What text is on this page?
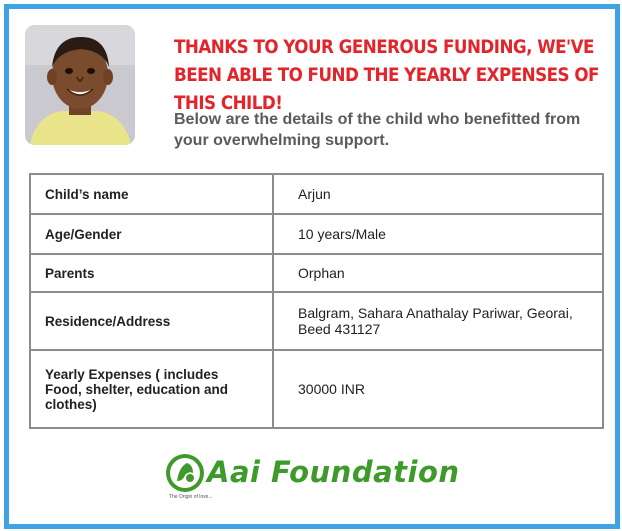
THANKS TO YOUR GENEROUS FUNDING, WE'VE BEEN ABLE TO FUND THE YEARLY EXPENSES OF THIS CHILD!
Below are the details of the child who benefitted from your overwhelming support.
Child’s name	Arjun
Age/Gender	10 years/Male
Parents	Orphan
Residence/Address	Balgram, Sahara Anathalay Pariwar, Georai, Beed 431127
Yearly Expenses ( includes Food, shelter, education and clothes)	30000 INR
Aai Foundation
The Origin of love...
